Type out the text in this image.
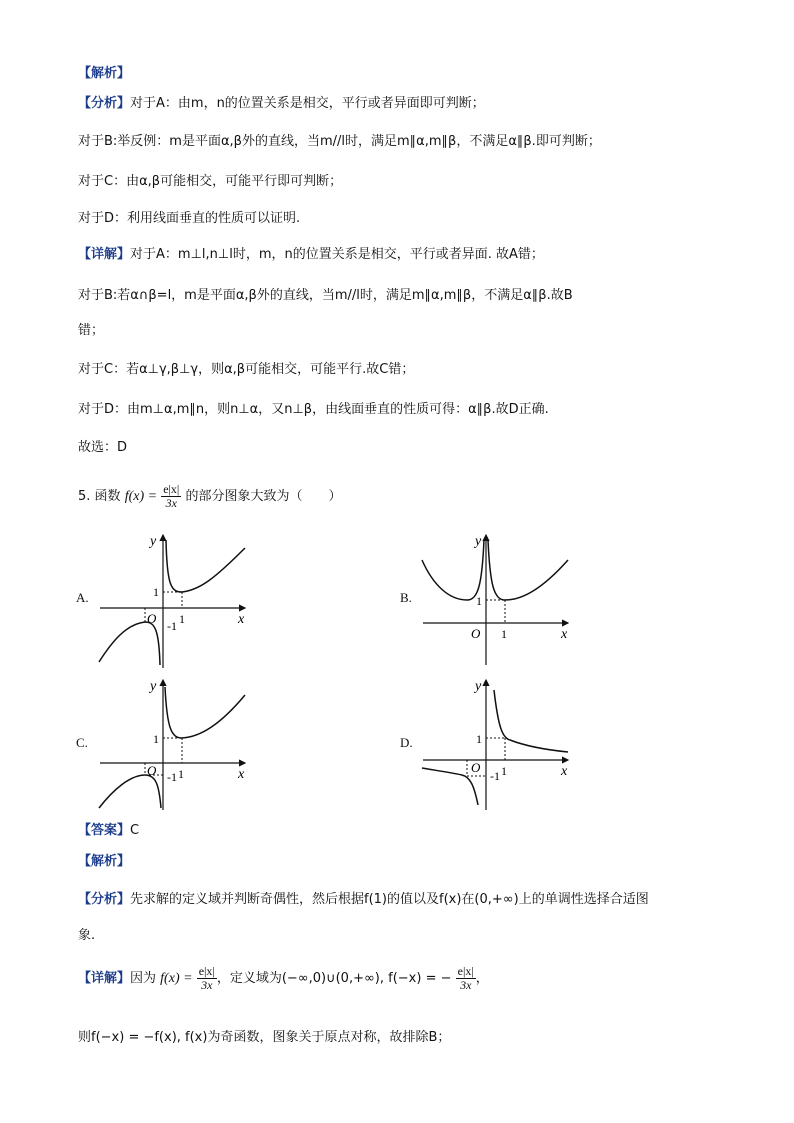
【解析】
【分析】对于A：由m，n的位置关系是相交，平行或者异面即可判断；
对于B:举反例：m是平面α,β外的直线，当m//l时，满足m∥α,m∥β，不满足α∥β.即可判断；
对于C：由α,β可能相交，可能平行即可判断；
对于D：利用线面垂直的性质可以证明.
【详解】对于A：m⊥l,n⊥l时，m，n的位置关系是相交，平行或者异面. 故A错；
对于B:若α∩β=l，m是平面α,β外的直线，当m//l时，满足m∥α,m∥β，不满足α∥β.故B
错；
对于C：若α⊥γ,β⊥γ，则α,β可能相交，可能平行.故C错；
对于D：由m⊥α,m∥n，则n⊥α，又n⊥β，由线面垂直的性质可得：α∥β.故D正确.
故选：D
5. 函数 $f(x) = \frac{e|x|}{3x}$ 的部分图象大致为（　　）
A.
y
x
O
1
1
-1
B.
y
x
O
1
1
C.
y
x
O
1
1
-1
D.
y
x
O
1
1
-1
【答案】C
【解析】
【分析】先求解的定义域并判断奇偶性，然后根据f(1)的值以及f(x)在(0,+∞)上的单调性选择合适图
象.
【详解】因为 $f(x) = \frac{e|x|}{3x}$ ，定义域为(−∞,0)∪(0,+∞), f(−x) = − $\frac{e|x|}{3x}$ ，
则f(−x) = −f(x), f(x)为奇函数，图象关于原点对称，故排除B；
